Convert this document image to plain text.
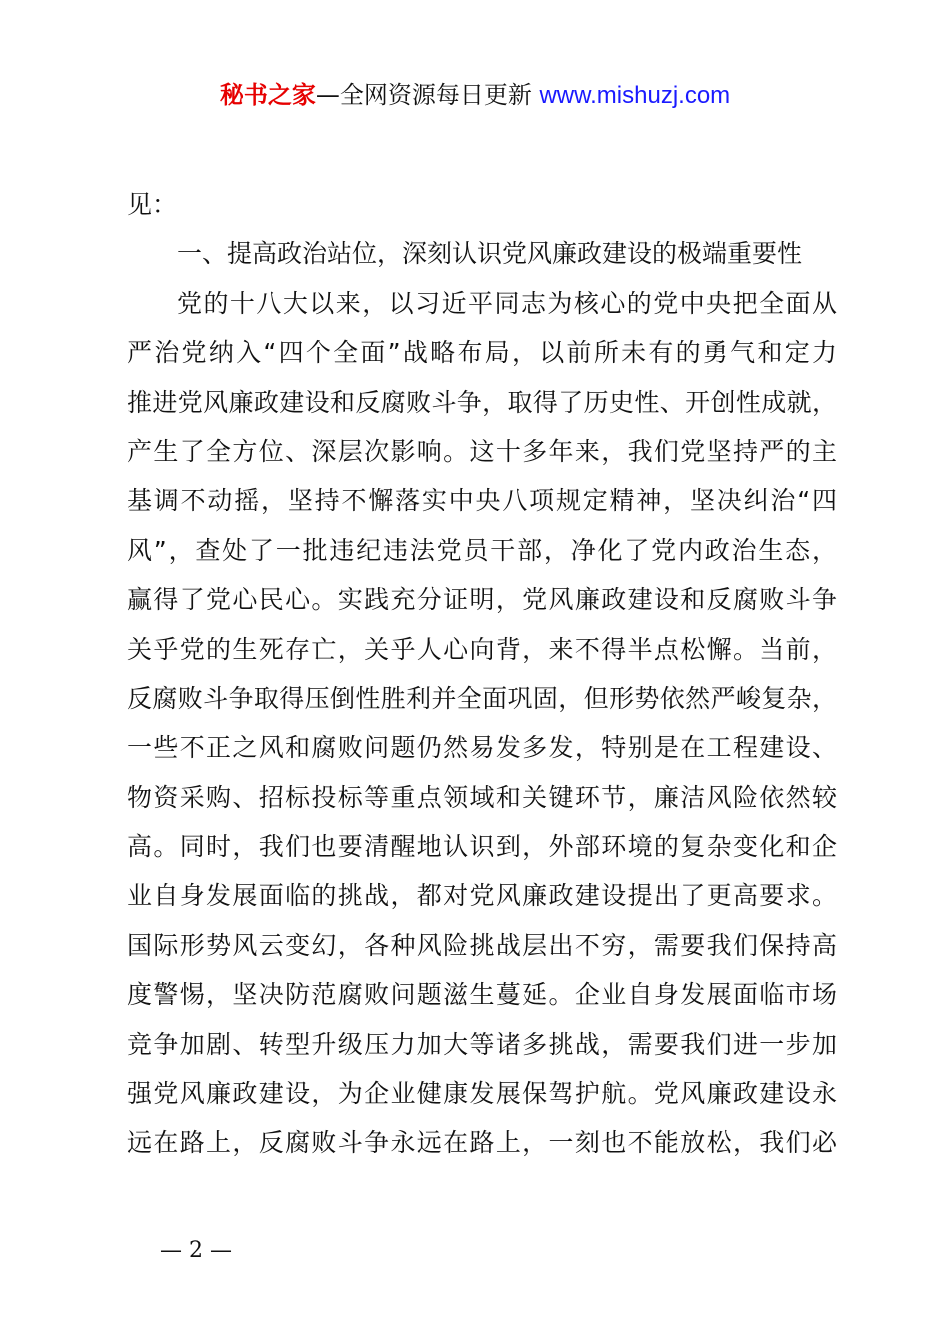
秘书之家—全网资源每日更新 www.mishuzj.com
见：
一、提高政治站位，深刻认识党风廉政建设的极端重要性
党的十八大以来，以习近平同志为核心的党中央把全面从
严治党纳入“四个全面”战略布局，以前所未有的勇气和定力
推进党风廉政建设和反腐败斗争，取得了历史性、开创性成就，
产生了全方位、深层次影响。这十多年来，我们党坚持严的主
基调不动摇，坚持不懈落实中央八项规定精神，坚决纠治“四
风”，查处了一批违纪违法党员干部，净化了党内政治生态，
赢得了党心民心。实践充分证明，党风廉政建设和反腐败斗争
关乎党的生死存亡，关乎人心向背，来不得半点松懈。当前，
反腐败斗争取得压倒性胜利并全面巩固，但形势依然严峻复杂，
一些不正之风和腐败问题仍然易发多发，特别是在工程建设、
物资采购、招标投标等重点领域和关键环节，廉洁风险依然较
高。同时，我们也要清醒地认识到，外部环境的复杂变化和企
业自身发展面临的挑战，都对党风廉政建设提出了更高要求。
国际形势风云变幻，各种风险挑战层出不穷，需要我们保持高
度警惕，坚决防范腐败问题滋生蔓延。企业自身发展面临市场
竞争加剧、转型升级压力加大等诸多挑战，需要我们进一步加
强党风廉政建设，为企业健康发展保驾护航。党风廉政建设永
远在路上，反腐败斗争永远在路上，一刻也不能放松，我们必
— 2 —
